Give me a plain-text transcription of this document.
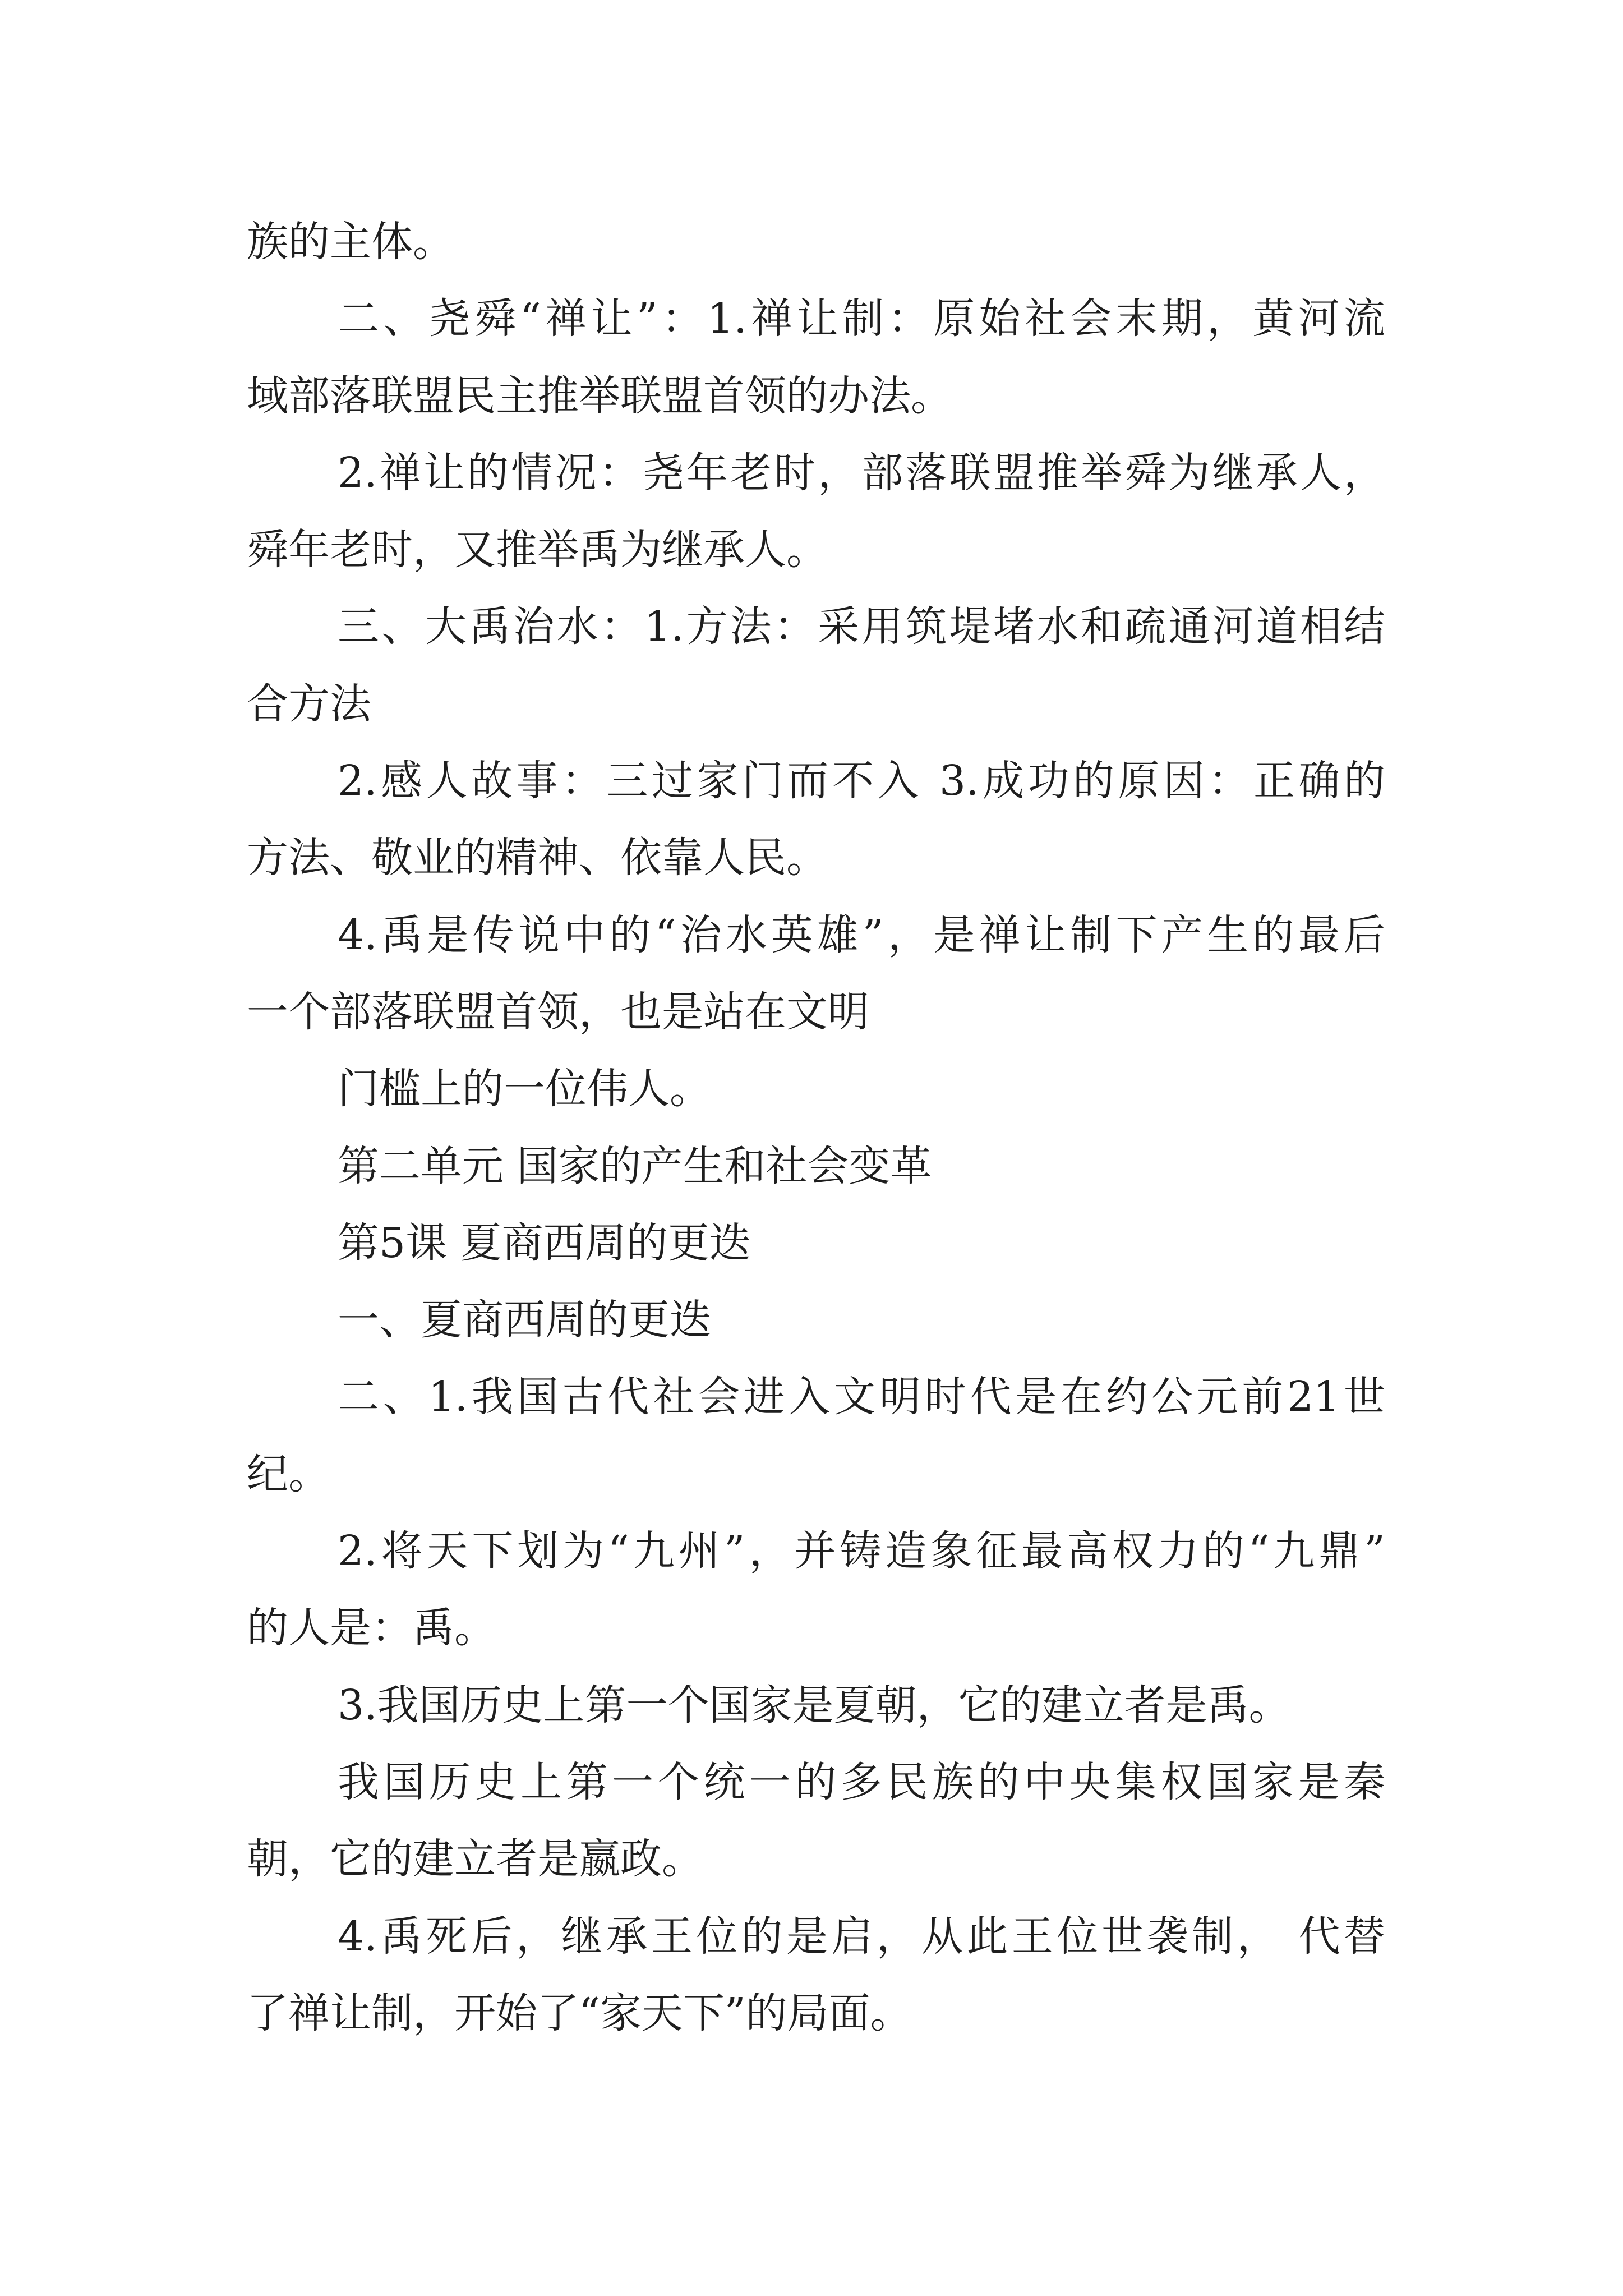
族的主体。
二、尧舜“禅让”：1.禅让制：原始社会末期，黄河流
域部落联盟民主推举联盟首领的办法。
2.禅让的情况：尧年老时，部落联盟推举舜为继承人，
舜年老时，又推举禹为继承人。
三、大禹治水：1.方法：采用筑堤堵水和疏通河道相结
合方法
2.感人故事：三过家门而不入 3.成功的原因：正确的
方法、敬业的精神、依靠人民。
4.禹是传说中的“治水英雄”，是禅让制下产生的最后
一个部落联盟首领，也是站在文明
门槛上的一位伟人。
第二单元 国家的产生和社会变革
第5课 夏商西周的更迭
一、夏商西周的更迭
二、1.我国古代社会进入文明时代是在约公元前21世
纪。
2.将天下划为“九州”，并铸造象征最高权力的“九鼎”
的人是：禹。
3.我国历史上第一个国家是夏朝，它的建立者是禹。
我国历史上第一个统一的多民族的中央集权国家是秦
朝，它的建立者是嬴政。
4.禹死后，继承王位的是启，从此王位世袭制， 代替
了禅让制，开始了“家天下”的局面。
